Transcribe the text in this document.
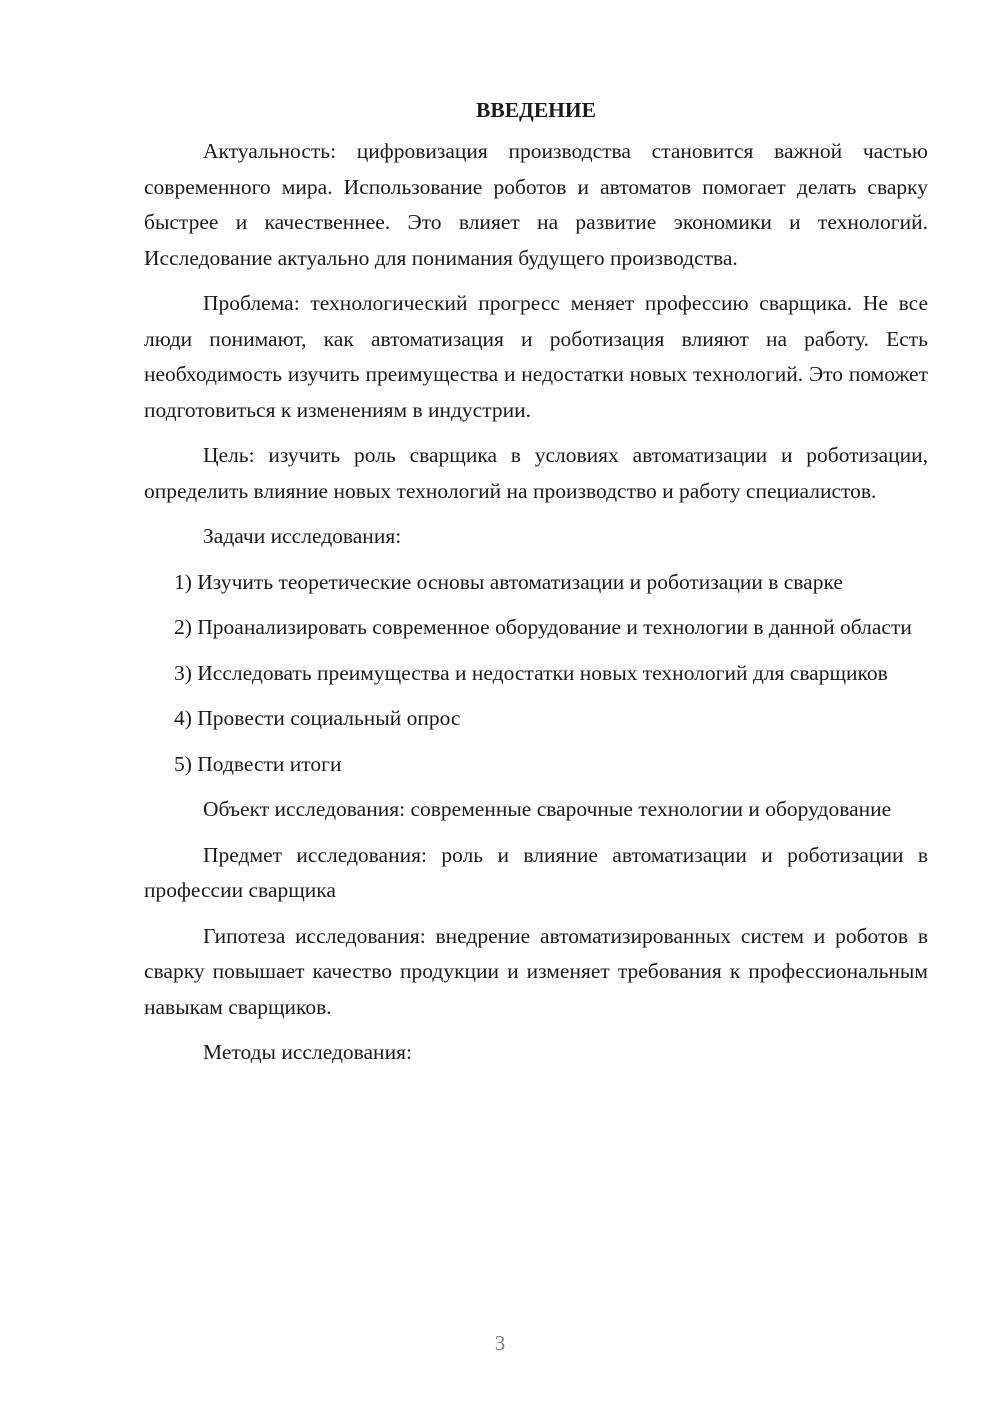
ВВЕДЕНИЕ

Актуальность: цифровизация производства становится важной частью современного мира. Использование роботов и автоматов помогает делать сварку быстрее и качественнее. Это влияет на развитие экономики и технологий. Исследование актуально для понимания будущего производства.

Проблема: технологический прогресс меняет профессию сварщика. Не все люди понимают, как автоматизация и роботизация влияют на работу. Есть необходимость изучить преимущества и недостатки новых технологий. Это поможет подготовиться к изменениям в индустрии.

Цель: изучить роль сварщика в условиях автоматизации и роботизации, определить влияние новых технологий на производство и работу специалистов.

Задачи исследования:

1) Изучить теоретические основы автоматизации и роботизации в сварке

2) Проанализировать современное оборудование и технологии в данной области

3) Исследовать преимущества и недостатки новых технологий для сварщиков

4) Провести социальный опрос

5) Подвести итоги

Объект исследования: современные сварочные технологии и оборудование

Предмет исследования: роль и влияние автоматизации и роботизации в профессии сварщика

Гипотеза исследования: внедрение автоматизированных систем и роботов в сварку повышает качество продукции и изменяет требования к профессиональным навыкам сварщиков.

Методы исследования:

3
